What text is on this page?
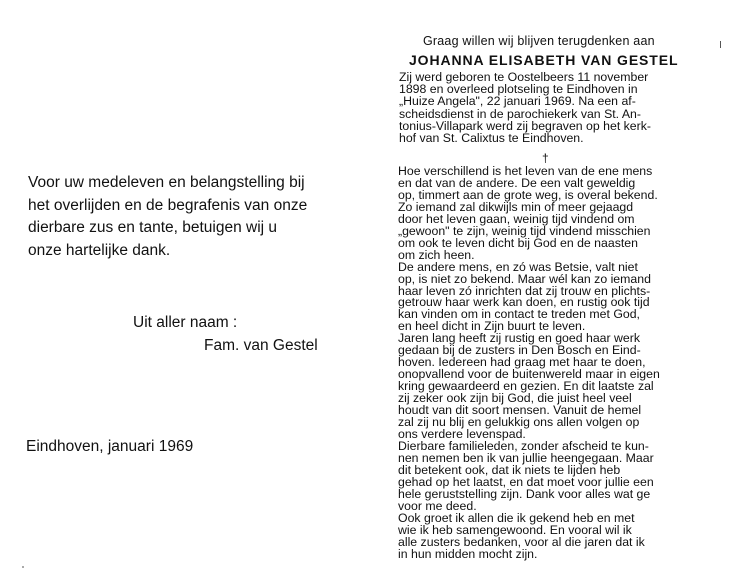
Voor uw medeleven en belangstelling bij
het overlijden en de begrafenis van onze
dierbare zus en tante, betuigen wij u
onze hartelijke dank.

Uit aller naam :

Fam. van Gestel

Eindhoven, januari 1969

Graag willen wij blijven terugdenken aan

JOHANNA ELISABETH VAN GESTEL

Zij werd geboren te Oostelbeers 11 november
1898 en overleed plotseling te Eindhoven in
„Huize Angela", 22 januari 1969. Na een af-
scheidsdienst in de parochiekerk van St. An-
tonius-Villapark werd zij begraven op het kerk-
hof van St. Calixtus te Eindhoven.

†

Hoe verschillend is het leven van de ene mens
en dat van de andere. De een valt geweldig
op, timmert aan de grote weg, is overal bekend.
Zo iemand zal dikwijls min of meer gejaagd
door het leven gaan, weinig tijd vindend om
„gewoon" te zijn, weinig tijd vindend misschien
om ook te leven dicht bij God en de naasten
om zich heen.
De andere mens, en zó was Betsie, valt niet
op, is niet zo bekend. Maar wél kan zo iemand
haar leven zó inrichten dat zij trouw en plichts-
getrouw haar werk kan doen, en rustig ook tijd
kan vinden om in contact te treden met God,
en heel dicht in Zijn buurt te leven.
Jaren lang heeft zij rustig en goed haar werk
gedaan bij de zusters in Den Bosch en Eind-
hoven. Iedereen had graag met haar te doen,
onopvallend voor de buitenwereld maar in eigen
kring gewaardeerd en gezien. En dit laatste zal
zij zeker ook zijn bij God, die juist heel veel
houdt van dit soort mensen. Vanuit de hemel
zal zij nu blij en gelukkig ons allen volgen op
ons verdere levenspad.
Dierbare familieleden, zonder afscheid te kun-
nen nemen ben ik van jullie heengegaan. Maar
dit betekent ook, dat ik niets te lijden heb
gehad op het laatst, en dat moet voor jullie een
hele geruststelling zijn. Dank voor alles wat ge
voor me deed.
Ook groet ik allen die ik gekend heb en met
wie ik heb samengewoond. En vooral wil ik
alle zusters bedanken, voor al die jaren dat ik
in hun midden mocht zijn.
